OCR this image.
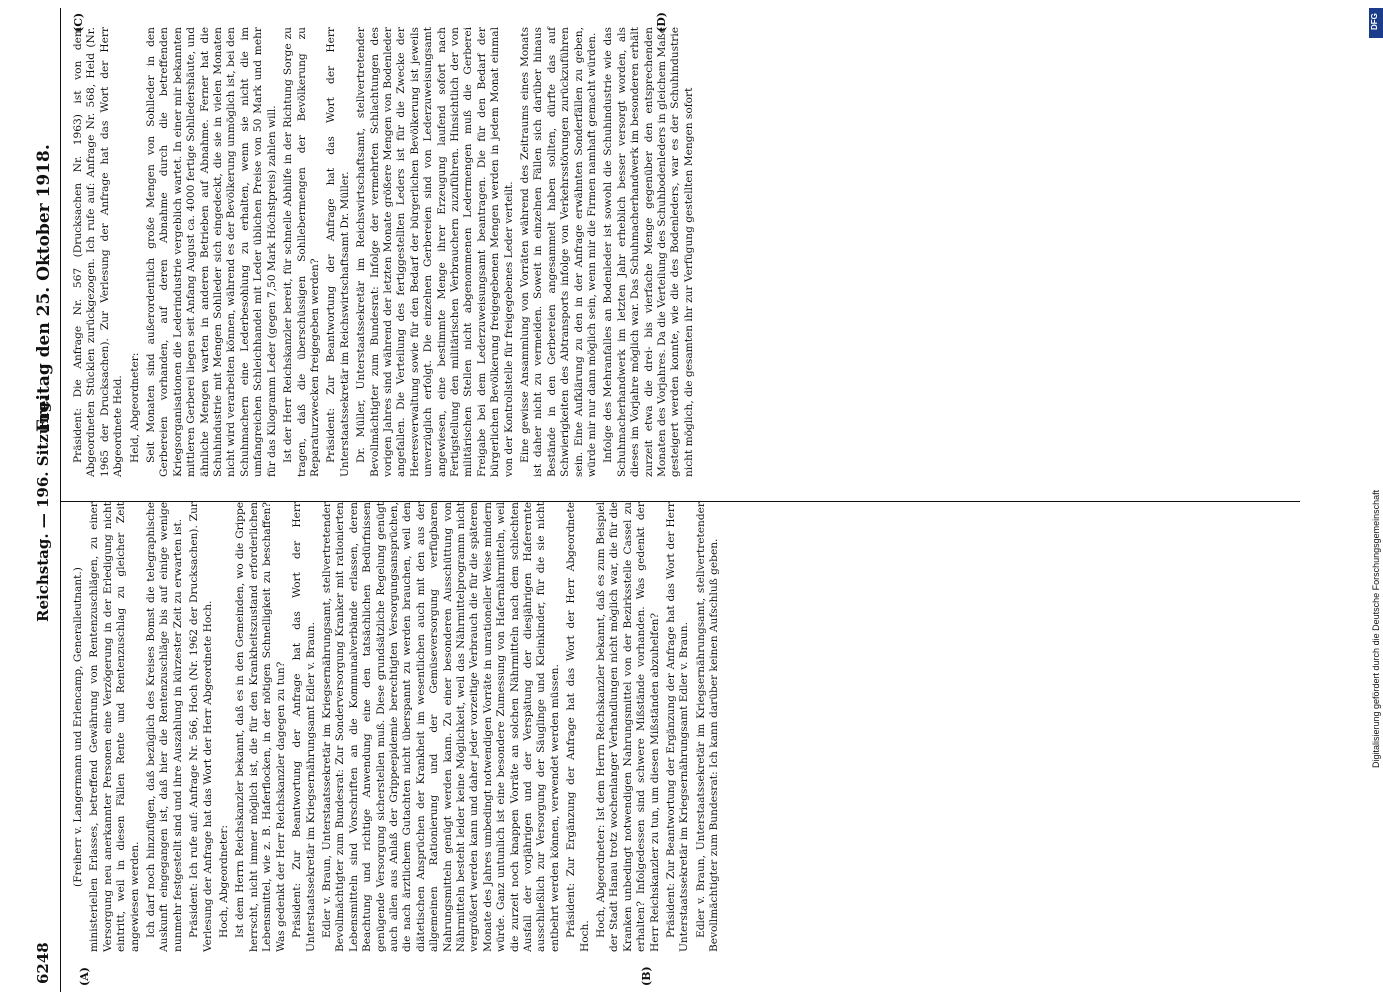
6248
Reichstag. — 196. Sitzung.
Freitag den 25. Oktober 1918.
(A)	(B)
(C)	(D)

(Freiherr v. Langermann und Erlencamp, Generalleutnant.) ministeriellen Erlasses, betreffend Gewährung von Rentenzuschlägen, zu einer Versorgung neu anerkannter Personen eine Verzögerung in der Erledigung nicht eintritt, weil in diesen Fällen Rente und Rentenzuschlag zu gleicher Zeit angewiesen werden. Ich darf noch hinzufügen, daß bezüglich des Kreises Bomst die telegraphische Auskunft eingegangen ist, daß hier die Rentenzuschläge bis auf einige wenige nunmehr festgestellt sind und ihre Auszahlung in kürzester Zeit zu erwarten ist. Präsident: Ich rufe auf: Anfrage Nr. 566, Hoch (Nr. 1962 der Drucksachen). Zur Verlesung der Anfrage hat das Wort der Herr Abgeordnete Hoch. Hoch, Abgeordneter: Ist dem Herrn Reichskanzler bekannt, daß es in den Gemeinden, wo die Grippe herrscht, nicht immer möglich ist, die für den Krankheitszustand erforderlichen Lebensmittel, wie z. B. Haferflocken, in der nötigen Schnelligkeit zu beschaffen? Was gedenkt der Herr Reichskanzler dagegen zu tun? Präsident: Zur Beantwortung der Anfrage hat das Wort der Herr Unterstaatssekretär im Kriegsernährungsamt Edler v. Braun. Edler v. Braun, Unterstaatssekretär im Kriegsernährungsamt, stellvertretender Bevollmächtigter zum Bundesrat: Zur Sonderversorgung Kranker mit rationierten Lebensmitteln sind Vorschriften an die Kommunalverbände erlassen, deren Beachtung und richtige Anwendung eine den tatsächlichen Bedürfnissen genügende Versorgung sicherstellen muß. Diese grundsätzliche Regelung genügt auch allen aus Anlaß der Grippeepidemie berechtigten Versorgungsansprüchen, die nach ärztlichem Gutachten nicht überspannt zu werden brauchen, weil den diätetischen Ansprüchen der Krankheit im wesentlichen auch mit den aus der allgemeinen Rationierung und der Gemüseversorgung verfügbaren Nahrungsmitteln genügt werden kann. Zu einer besonderen Ausschüttung von Nährmitteln besteht leider keine Möglichkeit, weil das Nährmittelprogramm nicht vergrößert werden kann und daher jeder vorzeitige Verbrauch die für die späteren Monate des Jahres umbedingt notwendigen Vorräte in unrationeller Weise mindern würde. Ganz untunlich ist eine besondere Zumessung von Hafernährmitteln, weil die zurzeit noch knappen Vorräte an solchen Nährmitteln nach dem schlechten Ausfall der vorjährigen und der Verspätung der diesjährigen Haferernte ausschließlich zur Versorgung der Säuglinge und Kleinkinder, für die sie nicht entbehrt werden können, verwendet werden müssen. Präsident: Zur Ergänzung der Anfrage hat das Wort der Herr Abgeordnete Hoch. Hoch, Abgeordneter: Ist dem Herrn Reichskanzler bekannt, daß es zum Beispiel der Stadt Hanau trotz wochenlanger Verhandlungen nicht möglich war, die für die Kranken unbedingt notwendigen Nahrungsmittel von der Bezirksstelle Cassel zu erhalten? Infolgedessen sind schwere Mißstände vorhanden. Was gedenkt der Herr Reichskanzler zu tun, um diesen Mißständen abzuhelfen? Präsident: Zur Beantwortung der Ergänzung der Anfrage hat das Wort der Herr Unterstaatssekretär im Kriegsernährungsamt Edler v. Braun. Edler v. Braun, Unterstaatssekretär im Kriegsernährungsamt, stellvertretender Bevollmächtigter zum Bundesrat: Ich kann darüber keinen Aufschluß geben.

Präsident: Die Anfrage Nr. 567 (Drucksachen Nr. 1963) ist von dem Abgeordneten Stücklen zurückgezogen. Ich rufe auf: Anfrage Nr. 568, Held (Nr. 1965 der Drucksachen). Zur Verlesung der Anfrage hat das Wort der Herr Abgeordnete Held. Held, Abgeordneter: Seit Monaten sind außerordentlich große Mengen von Sohlleder in den Gerbereien vorhanden, auf deren Abnahme durch die betreffenden Kriegsorganisationen die Lederindustrie vergeblich wartet. In einer mir bekannten mittleren Gerberei liegen seit Anfang August ca. 4000 fertige Sohlledershäute, und ähnliche Mengen warten in anderen Betrieben auf Abnahme. Ferner hat die Schuhindustrie mit Mengen Sohlleder sich eingedeckt, die sie in vielen Monaten nicht wird verarbeiten können, während es der Bevölkerung unmöglich ist, bei den Schuhmachern eine Lederbesohlung zu erhalten, wenn sie nicht die im umfangreichen Schleichhandel mit Leder üblichen Preise von 50 Mark und mehr für das Kilogramm Leder (gegen 7,50 Mark Höchstpreis) zahlen will. Ist der Herr Reichskanzler bereit, für schnelle Abhilfe in der Richtung Sorge zu tragen, daß die überschüssigen Sohllebermengen der Bevölkerung zu Reparaturzwecken freigegeben werden? Präsident: Zur Beantwortung der Anfrage hat das Wort der Herr Unterstaatssekretär im Reichswirtschaftsamt Dr. Müller. Dr. Müller, Unterstaatssekretär im Reichswirtschaftsamt, stellvertretender Bevollmächtigter zum Bundesrat: Infolge der vermehrten Schlachtungen des vorigen Jahres sind während der letzten Monate größere Mengen von Bodenleder angefallen. Die Verteilung des fertiggestellten Leders ist für die Zwecke der Heeresverwaltung sowie für den Bedarf der bürgerlichen Bevölkerung ist jeweils unverzüglich erfolgt. Die einzelnen Gerbereien sind von Lederzuweisungsamt angewiesen, eine bestimmte Menge ihrer Erzeugung laufend sofort nach Fertigstellung den militärischen Verbrauchern zuzuführen. Hinsichtlich der von militärischen Stellen nicht abgenommenen Ledermengen muß die Gerberei Freigabe bei dem Lederzuweisungsamt beantragen. Die für den Bedarf der bürgerlichen Bevölkerung freigegebenen Mengen werden in jedem Monat einmal von der Kontrollstelle für freigegebenes Leder verteilt. Eine gewisse Ansammlung von Vorräten während des Zeitraums eines Monats ist daher nicht zu vermeiden. Soweit in einzelnen Fällen sich darüber hinaus Bestände in den Gerbereien angesammelt haben sollten, dürfte das auf Schwierigkeiten des Abtransports infolge von Verkehrsstörungen zurückzuführen sein. Eine Aufklärung zu den in der Anfrage erwähnten Sonderfällen zu geben, würde mir nur dann möglich sein, wenn mir die Firmen namhaft gemacht würden. Infolge des Mehranfalles an Bodenleder ist sowohl die Schuhindustrie wie das Schuhmacherhandwerk im letzten Jahr erheblich besser versorgt worden, als dieses im Vorjahre möglich war. Das Schuhmacherhandwerk im besonderen erhält zurzeit etwa die drei- bis vierfache Menge gegenüber den entsprechenden Monaten des Vorjahres. Da die Verteilung des Schuhbodenleders in gleichem Maße gesteigert werden konnte, wie die des Bodenleders, war es der Schuhindustrie nicht möglich, die gesamten ihr zur Verfügung gestellten Mengen sofort

DFG
Digitalisierung gefördert durch die Deutsche Forschungsgemeinschaft
